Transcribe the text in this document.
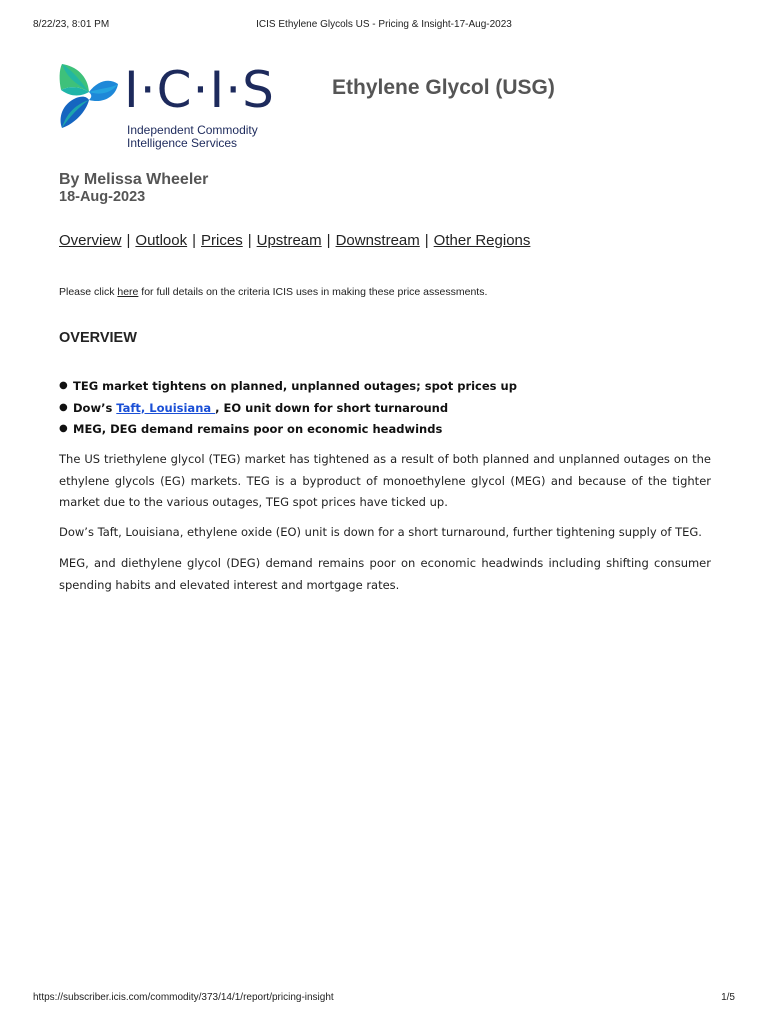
8/22/23, 8:01 PM	ICIS Ethylene Glycols US - Pricing & Insight-17-Aug-2023
I·C·I·S
Independent Commodity
Intelligence Services
Ethylene Glycol (USG)
By Melissa Wheeler
18-Aug-2023
Overview | Outlook | Prices | Upstream | Downstream | Other Regions
Please click here for full details on the criteria ICIS uses in making these price assessments.
OVERVIEW
● TEG market tightens on planned, unplanned outages; spot prices up
● Dow’s Taft, Louisiana , EO unit down for short turnaround
● MEG, DEG demand remains poor on economic headwinds

The US triethylene glycol (TEG) market has tightened as a result of both planned and unplanned outages on the ethylene glycols (EG) markets. TEG is a byproduct of monoethylene glycol (MEG) and because of the tighter market due to the various outages, TEG spot prices have ticked up.

Dow’s Taft, Louisiana, ethylene oxide (EO) unit is down for a short turnaround, further tightening supply of TEG.

MEG, and diethylene glycol (DEG) demand remains poor on economic headwinds including shifting consumer spending habits and elevated interest and mortgage rates.

https://subscriber.icis.com/commodity/373/14/1/report/pricing-insight	1/5
